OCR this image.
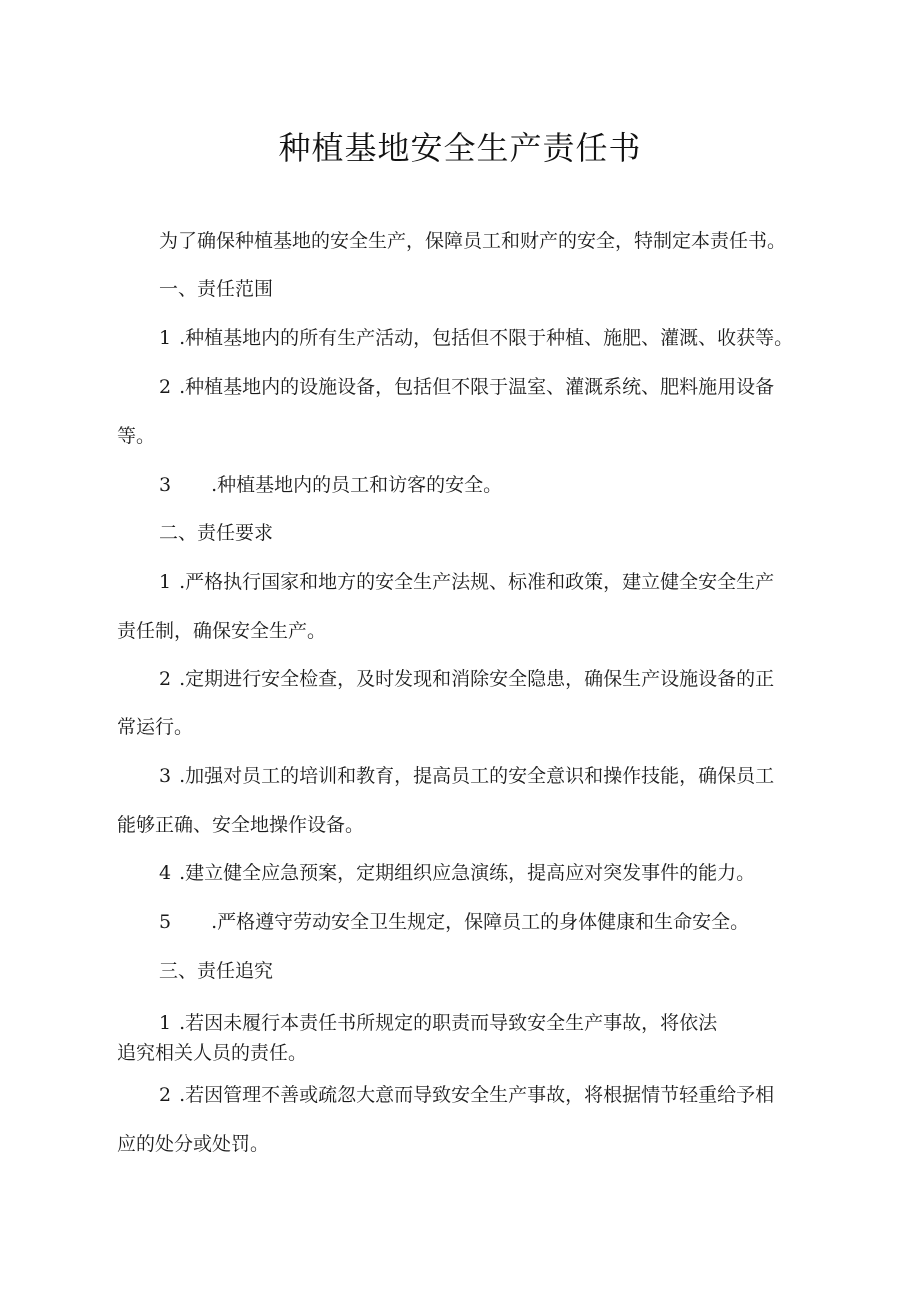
种植基地安全生产责任书

为了确保种植基地的安全生产，保障员工和财产的安全，特制定本责任书。

一、责任范围

1 .种植基地内的所有生产活动，包括但不限于种植、施肥、灌溉、收获等。

2 .种植基地内的设施设备，包括但不限于温室、灌溉系统、肥料施用设备

等。

3 .种植基地内的员工和访客的安全。

二、责任要求

1 .严格执行国家和地方的安全生产法规、标准和政策，建立健全安全生产

责任制，确保安全生产。

2 .定期进行安全检查，及时发现和消除安全隐患，确保生产设施设备的正

常运行。

3 .加强对员工的培训和教育，提高员工的安全意识和操作技能，确保员工

能够正确、安全地操作设备。

4 .建立健全应急预案，定期组织应急演练，提高应对突发事件的能力。

5 .严格遵守劳动安全卫生规定，保障员工的身体健康和生命安全。

三、责任追究

1 .若因未履行本责任书所规定的职责而导致安全生产事故，将依法

追究相关人员的责任。

2 .若因管理不善或疏忽大意而导致安全生产事故，将根据情节轻重给予相

应的处分或处罚。
